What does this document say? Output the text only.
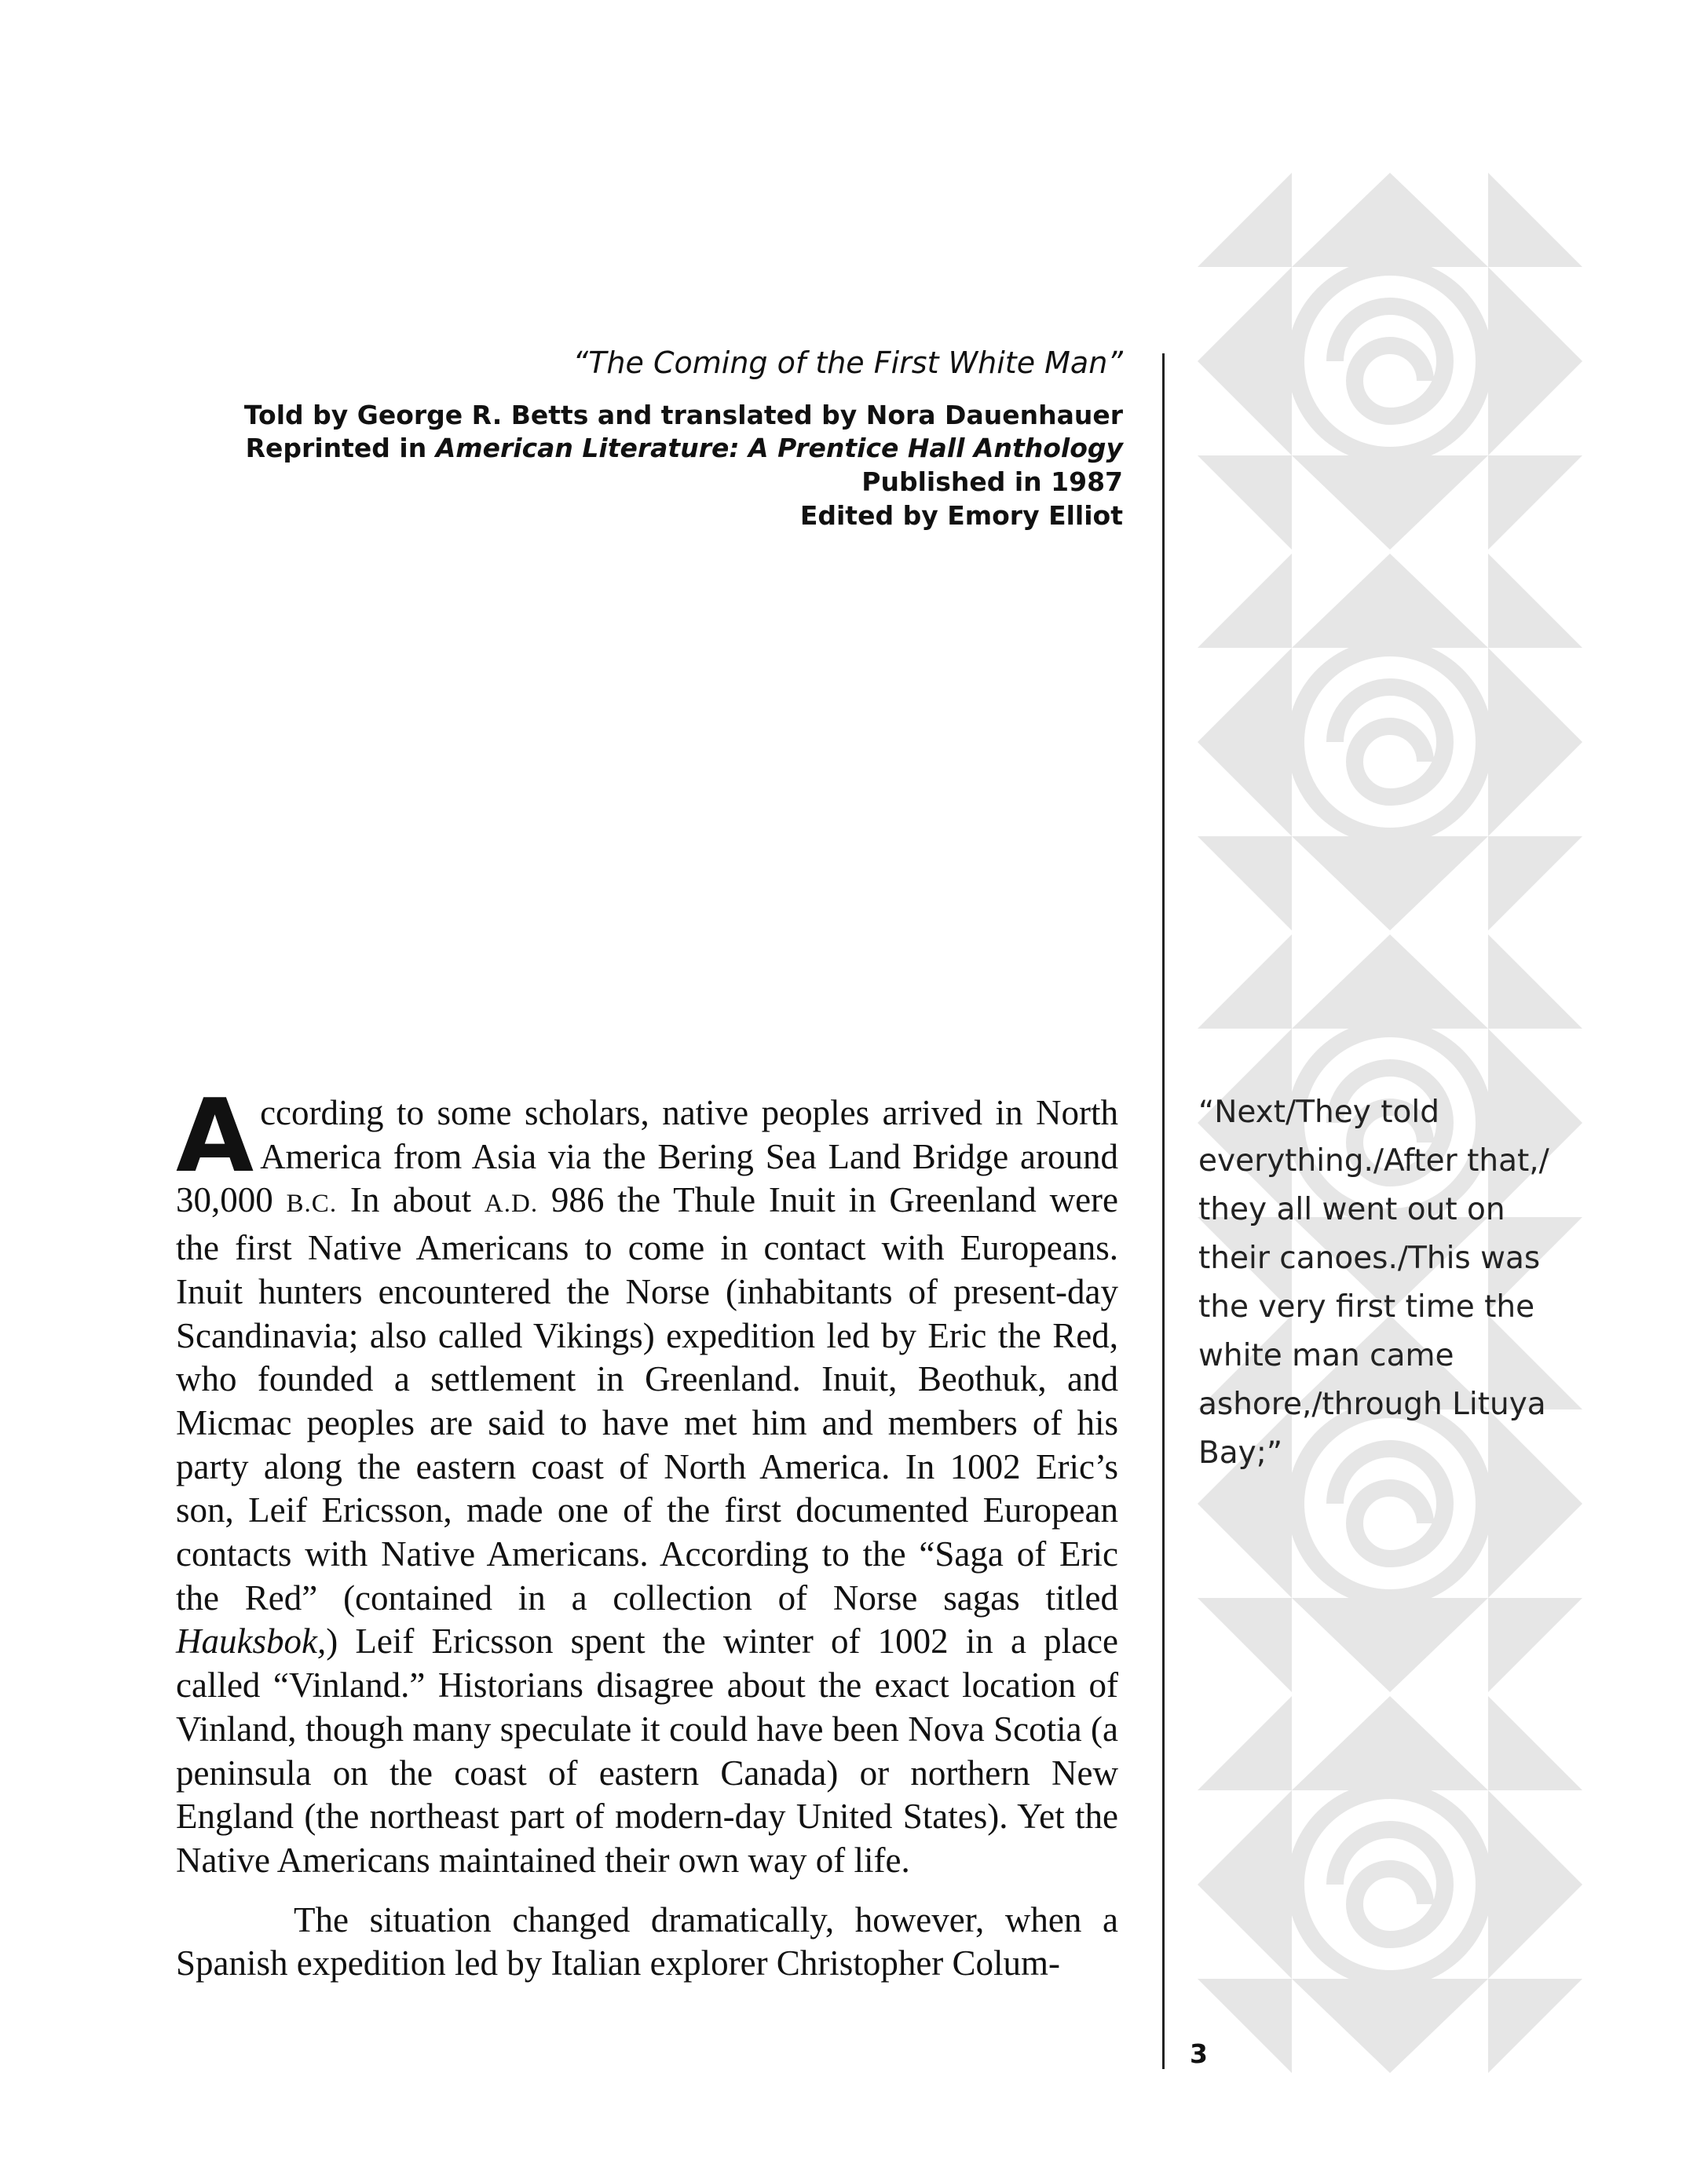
“The Coming of the First White Man”
Told by George R. Betts and translated by Nora Dauenhauer
Reprinted in American Literature: A Prentice Hall Anthology
Published in 1987
Edited by Emory Elliot

According to some scholars, native peoples arrived in North America from Asia via the Bering Sea Land Bridge around 30,000 B.C. In about A.D. 986 the Thule Inuit in Greenland were the first Native Americans to come in contact with Europeans. Inuit hunters encountered the Norse (inhabitants of present-day Scandinavia; also called Vikings) expedition led by Eric the Red, who founded a settlement in Greenland. Inuit, Beothuk, and Micmac peoples are said to have met him and members of his party along the eastern coast of North America. In 1002 Eric’s son, Leif Ericsson, made one of the first documented European contacts with Native Americans. According to the “Saga of Eric the Red” (contained in a collection of Norse sagas titled Hauksbok,) Leif Ericsson spent the winter of 1002 in a place called “Vinland.” Historians disagree about the exact location of Vinland, though many speculate it could have been Nova Scotia (a peninsula on the coast of eastern Canada) or northern New England (the northeast part of modern-day United States). Yet the Native Americans maintained their own way of life.

The situation changed dramatically, however, when a Spanish expedition led by Italian explorer Christopher Colum-

“Next/They told everything./After that,/ they all went out on their canoes./This was the very first time the white man came ashore,/through Lituya Bay;”

3
